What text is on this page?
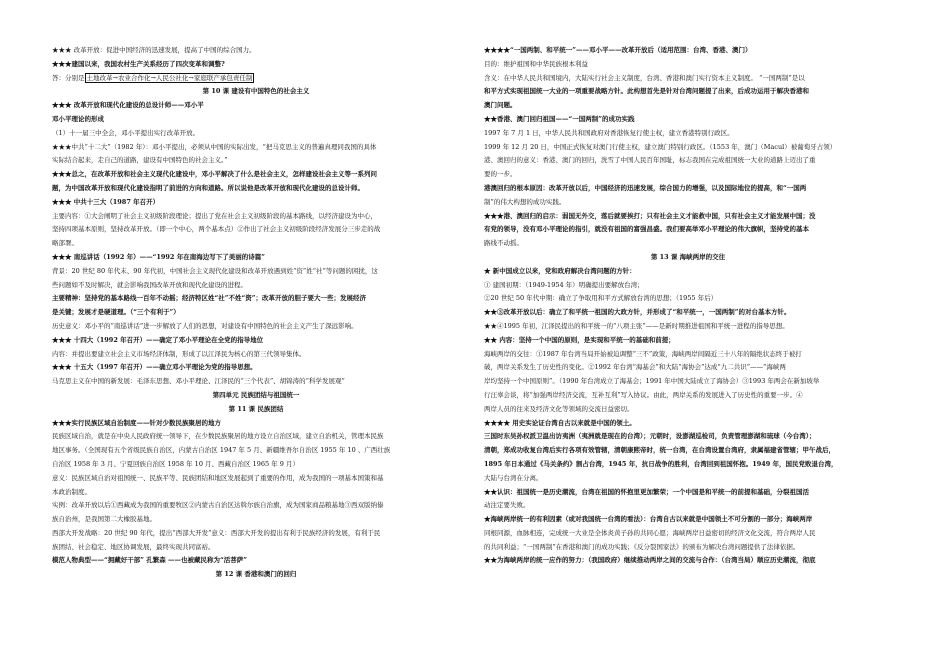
★★★ 改革开放：促进中国经济的迅速发展，提高了中国的综合国力。
★★★建国以来，我国农村生产关系经历了四次变革和调整?
答：分别是 土地改革→农业合作化→人民公社化→家庭联产承包责任制
第 10 课 建设有中国特色的社会主义
★★★ 改革开放和现代化建设的总设计师——邓小平
邓小平理论的形成
（1）十一届三中全会，邓小平提出实行改革开放。
★★★中共“十二大”（1982 年）：邓小平提出，必须从中国的实际出发，“把马克思主义的普遍真理同我国的具体
实际结合起来，走自己的道路，建设有中国特色的社会主义。”
★★★总之，在改革开放和社会主义现代化建设中，邓小平解决了什么是社会主义，怎样建设社会主义等一系列问
题，为中国改革开放和现代化建设指明了前进的方向和道路。所以说他是改革开放和现代化建设的总设计师。
★★★ 中共十三大（1987 年召开）
主要内容：①大会阐明了社会主义初级阶段理论；提出了党在社会主义初级阶段的基本路线，以经济建设为中心，
坚持四项基本原则，坚持改革开放。（即一个中心，两个基本点）②作出了社会主义初级阶段经济发展分三步走的战
略部署。
★★★ 南巡讲话（1992 年）——“1992 年在南海边写下了美丽的诗篇”
背景：20 世纪 80 年代末、90 年代初，中国社会主义现代化建设和改革开放遇到姓“资”姓“社”等问题的困扰，这
些问题如不及时解决，就会影响我国改革开放和现代化建设的进程。
主要精神：坚持党的基本路线一百年不动摇；经济特区姓“社”不姓“资”；改革开放的胆子要大一些；发展经济
是关键；发展才是硬道理。（“三个有利于”）
历史意义：邓小平的“南巡讲话”进一步解放了人们的思想，对建设有中国特色的社会主义产生了深远影响。
★★★ 十四大（1992 年召开）——确定了邓小平理论在全党的指导地位
内容：并提出要建立社会主义市场经济体制，形成了以江泽民为核心的第三代领导集体。
★★★ 十五大（1997 年召开）——确立邓小平理论为党的指导思想。
马克思主义在中国的新发展：毛泽东思想、邓小平理论、江泽民的“三个代表”、胡锦涛的“科学发展观”
第四单元 民族团结与祖国统一
第 11 课 民族团结
★★★实行民族区域自治制度——针对少数民族聚居的地方
民族区域自治，就是在中央人民政府统一领导下，在少数民族聚居的地方设立自治区域，建立自治机关，管理本民族
地区事务。（全国现有五个省级民族自治区，内蒙古自治区 1947 年 5 月、新疆维吾尔自治区 1955 年 10 、广西壮族
自治区 1958 年 3 月、宁夏回族自治区 1958 年 10 月、西藏自治区 1965 年 9 月）
意义：民族区域自治对祖国统一、民族平等、民族团结和地区发展起到了重要的作用，成为我国的一项基本国策和基
本政治制度。
实例：改革开放以后①西藏成为我国的重要牧区②内蒙古自治区达斡尔族自治旗，成为国家商品粮基地③西双版纳傣
族自治州，是我国第二大橡胶基地。
西部大开发战略：20 世纪 90 年代，提出“西部大开发”意义：西部大开发的提出有利于民族经济的发展，有利于民
族团结、社会稳定、地区协调发展，最终实现共同富裕。
模范人物典型——“拥藏好干部” 孔繁森 ——也被藏民称为“活菩萨”
第 12 课 香港和澳门的回归
★★★★“一国两制、和平统一”——邓小平——改革开放后（适用范围：台湾、香港、澳门）
目的：维护祖国和中华民族根本利益
含义：在中华人民共和国境内，大陆实行社会主义制度，台湾、香港和澳门实行资本主义制度。 “一国两制”是以
和平方式实现祖国统一大业的一项重要战略方针。此构想首先是针对台湾问题提了出来，后成功运用于解决香港和
澳门问题。
★★香港、澳门回归祖国——“一国两制”的成功实践
1997 年 7 月 1 日，中华人民共和国政府对香港恢复行使主权，建立香港特别行政区。
1999 年 12 月 20 日，中国正式恢复对澳门行使主权，建立澳门特别行政区。（1553 年，澳门（Macul）被葡萄牙占领）
港、澳回归的意义：香港、澳门的回归，洗雪了中国人民百年国耻，标志我国在完成祖国统一大业的道路上迈出了重
要的一步。
港澳回归的根本原因：改革开放以后，中国经济的迅速发展，综合国力的增强，以及国际地位的提高，和“一国两
制”的伟大构想的成功实践。
★★★港、澳回归的启示：弱国无外交，落后就要挨打；只有社会主义才能救中国，只有社会主义才能发展中国；没
有党的领导，没有邓小平理论的指引，就没有祖国的富强昌盛。我们要高举邓小平理论的伟大旗帜，坚持党的基本
路线不动摇。
第 13 课 海峡两岸的交往
★ 新中国成立以来，党和政府解决台湾问题的方针：
① 建国初期：（1949-1954 年）明确提出要解放台湾；
②20 世纪 50 年代中期：确立了争取用和平方式解放台湾的思想；（1955 年后）
★★③改革开放以后：确立了和平统一祖国的大政方针，并形成了“和平统一，一国两制”的对台基本方针。
★★④1995 年初，江泽民提出的和平统一的“八项主张”——是新时期推进祖国和平统一进程的指导思想。
★★ 内容：坚持一个中国的原则，是实现和平统一的基础和前提；
海峡两岸的交往：①1987 年台湾当局开始被迫调整“三不”政策，海峡两岸间隔近三十八年的隔绝状态终于被打
破，两岸关系发生了历史性的变化。②1992 年台湾“海基会”和大陆“海协会”达成“九二共识”——“海峡两
岸均坚持一个中国原则”。（1990 年台湾成立了海基会；1991 年中国大陆成立了海协会）③1993 年两会在新加坡举
行汪辜会谈，将“加强两岸经济交流，互补互利”写入协议。由此，两岸关系的发展进入了历史性的重要一步。④
两岸人员的往来及经济文化等领域的交流日益密切。
★★★★ 用史实论证台湾自古以来就是中国的领土。
三国时东吴孙权派卫温出访夷洲（夷洲就是现在的台湾）；元朝时，设澎湖巡检司，负责管理澎湖和琉球（今台湾）；
清朝，郑成功收复台湾后实行各项有效管辖，清朝康熙帝时，统一台湾，在台湾设置台湾府，隶属福建省管辖；甲午战后，
1895 年日本通过《马关条约》割占台湾，1945 年，抗日战争的胜利，台湾回到祖国怀抱。1949 年，国民党败退台湾，
大陆与台湾在分离。
★★认识：祖国统一是历史潮流，台湾在祖国的怀抱里更加繁荣；一个中国是和平统一的前提和基础，分裂祖国活
动注定要失败。
★海峡两岸统一的有利因素（或对我国统一台湾的看法）：台湾自古以来就是中国领土不可分割的一部分；海峡两岸
同根同源，血脉相连，完成统一大业是全体炎黄子孙的共同心愿；海峡两岸日益密切的经济文化交流，符合两岸人民
的共同利益；“一国两制”在香港和澳门的成功实践；《反分裂国家法》的颁布为解决台湾问题提供了法律依据。
★★为海峡两岸的统一应作的努力：（我国政府）继续推动两岸之间的交流与合作：（台湾当局）顺应历史潮流，彻底
